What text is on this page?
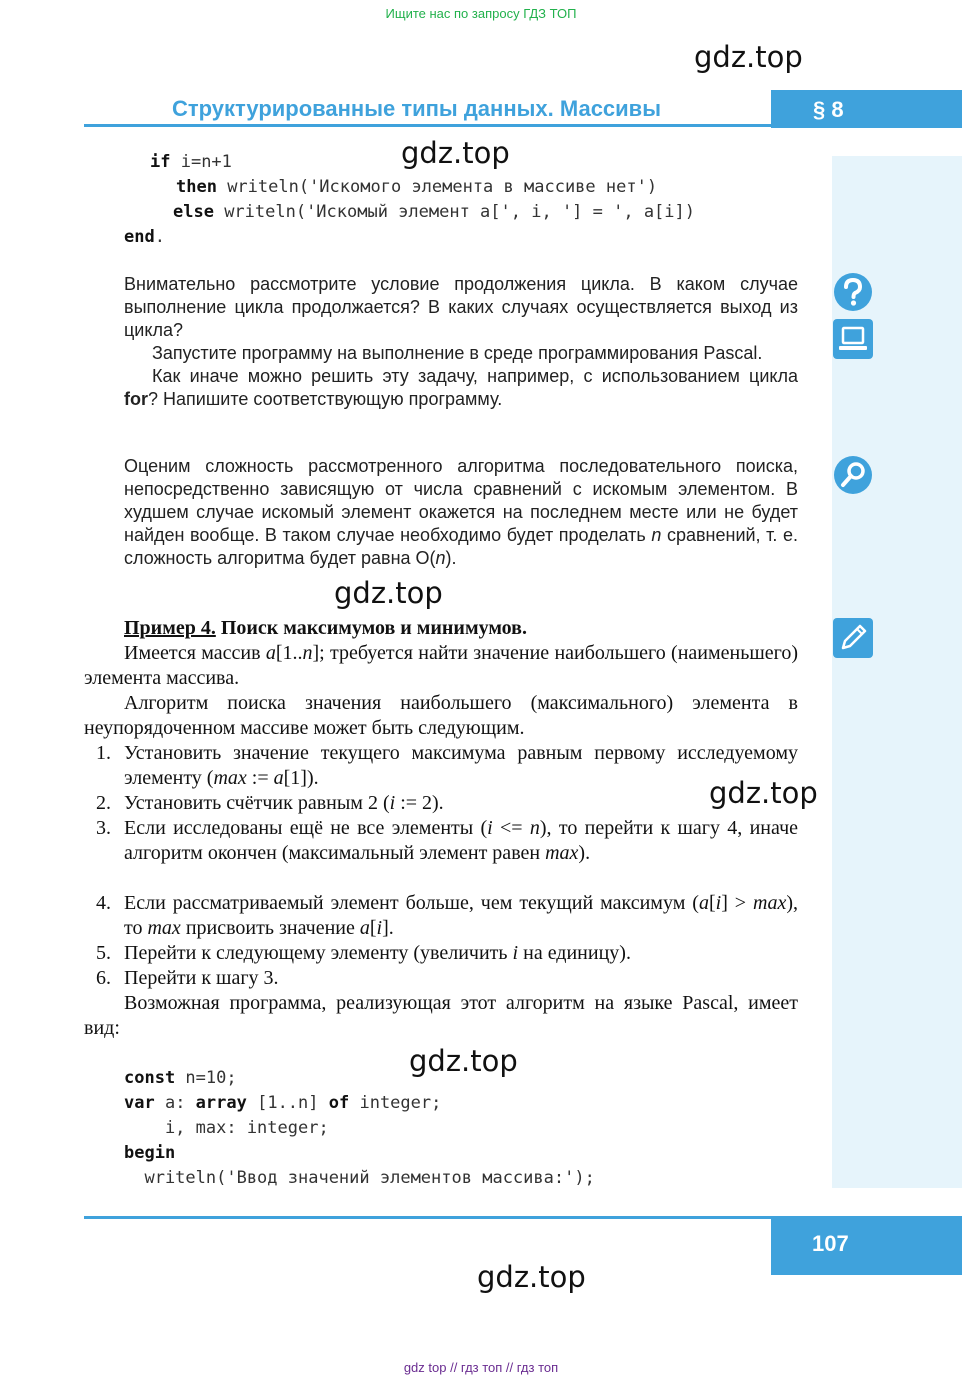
Ищите нас по запросу ГДЗ ТОП
gdz.top
Структурированные типы данных. Массивы	§ 8
gdz.top
if i=n+1
then writeln('Искомого элемента в массиве нет')
else writeln('Искомый элемент a[', i, '] = ', a[i])
end.
Внимательно рассмотрите условие продолжения цикла. В каком случае выполнение цикла продолжается? В каких случаях осуществляется выход из цикла?
Запустите программу на выполнение в среде программирования Pascal.
Как иначе можно решить эту задачу, например, с использованием цикла for? Напишите соответствующую программу.
Оценим сложность рассмотренного алгоритма последовательного поиска, непосредственно зависящую от числа сравнений с искомым элементом. В худшем случае искомый элемент окажется на последнем месте или не будет найден вообще. В таком случае необходимо будет проделать n сравнений, т. е. сложность алгоритма будет равна O(n).
gdz.top
Пример 4. Поиск максимумов и минимумов.
Имеется массив a[1..n]; требуется найти значение наибольшего (наименьшего) элемента массива.
Алгоритм поиска значения наибольшего (максимального) элемента в неупорядоченном массиве может быть следующим.
1. Установить значение текущего максимума равным первому исследуемому элементу (max := a[1]).
2. Установить счётчик равным 2 (i := 2).	gdz.top
3. Если исследованы ещё не все элементы (i <= n), то перейти к шагу 4, иначе алгоритм окончен (максимальный элемент равен max).
4. Если рассматриваемый элемент больше, чем текущий максимум (a[i] > max), то max присвоить значение a[i].
5. Перейти к следующему элементу (увеличить i на единицу).
6. Перейти к шагу 3.
Возможная программа, реализующая этот алгоритм на языке Pascal, имеет вид:
gdz.top
const n=10;
var a: array [1..n] of integer;
i, max: integer;
begin
writeln('Ввод значений элементов массива:');
107
gdz.top
gdz top // гдз топ // гдз топ
